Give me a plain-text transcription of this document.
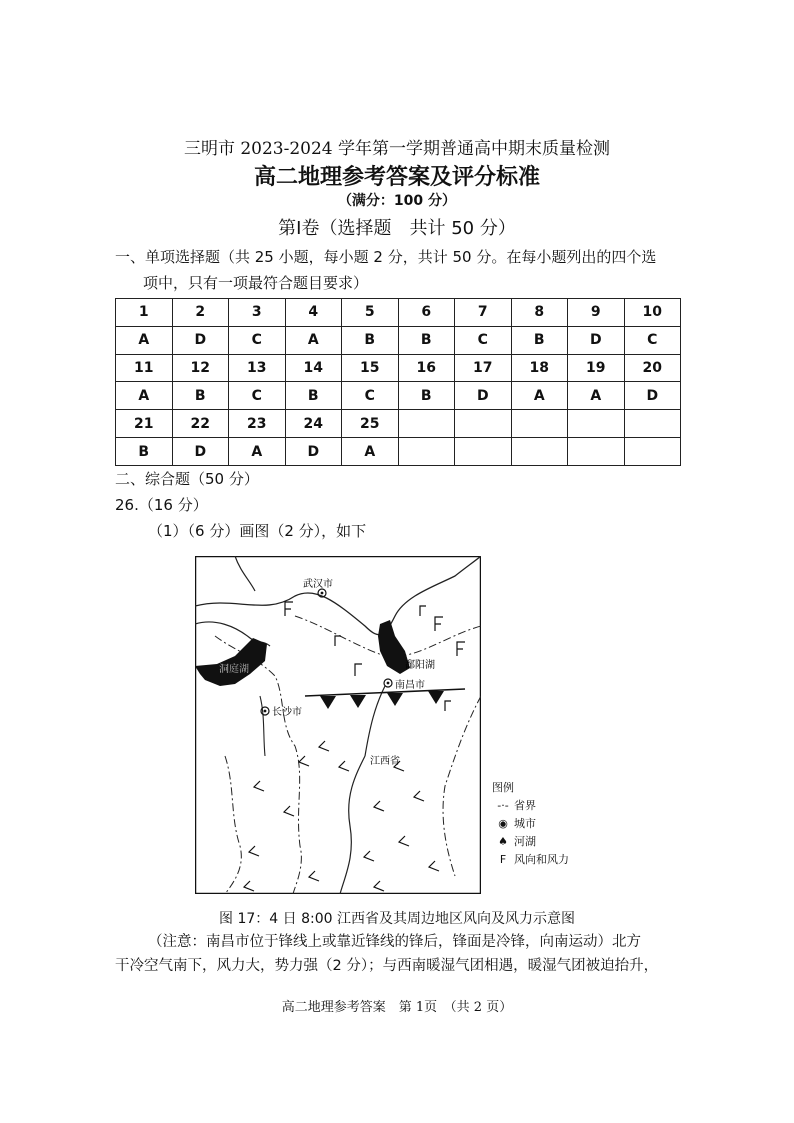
三明市 2023-2024 学年第一学期普通高中期末质量检测
高二地理参考答案及评分标准
（满分：100 分）
第Ⅰ卷（选择题　共计 50 分）
一、单项选择题（共 25 小题，每小题 2 分，共计 50 分。在每小题列出的四个选
项中，只有一项最符合题目要求）
1	2	3	4	5	6	7	8	9	10
A	D	C	A	B	B	C	B	D	C
11	12	13	14	15	16	17	18	19	20
A	B	C	B	C	B	D	A	A	D
21	22	23	24	25					
B	D	A	D	A					
二、综合题（50 分）
26.（16 分）
（1）（6 分）画图（2 分），如下
武汉市
洞庭湖	鄱阳湖
南昌市
长沙市
江西省
图例
-·- 省界
◉ 城市
♠ 河湖
F 风向和风力
图 17：4 日 8:00 江西省及其周边地区风向及风力示意图
（注意：南昌市位于锋线上或靠近锋线的锋后，锋面是冷锋，向南运动）北方
干冷空气南下，风力大，势力强（2 分）；与西南暖湿气团相遇，暖湿气团被迫抬升，
高二地理参考答案　第 1页　（共 2 页）
